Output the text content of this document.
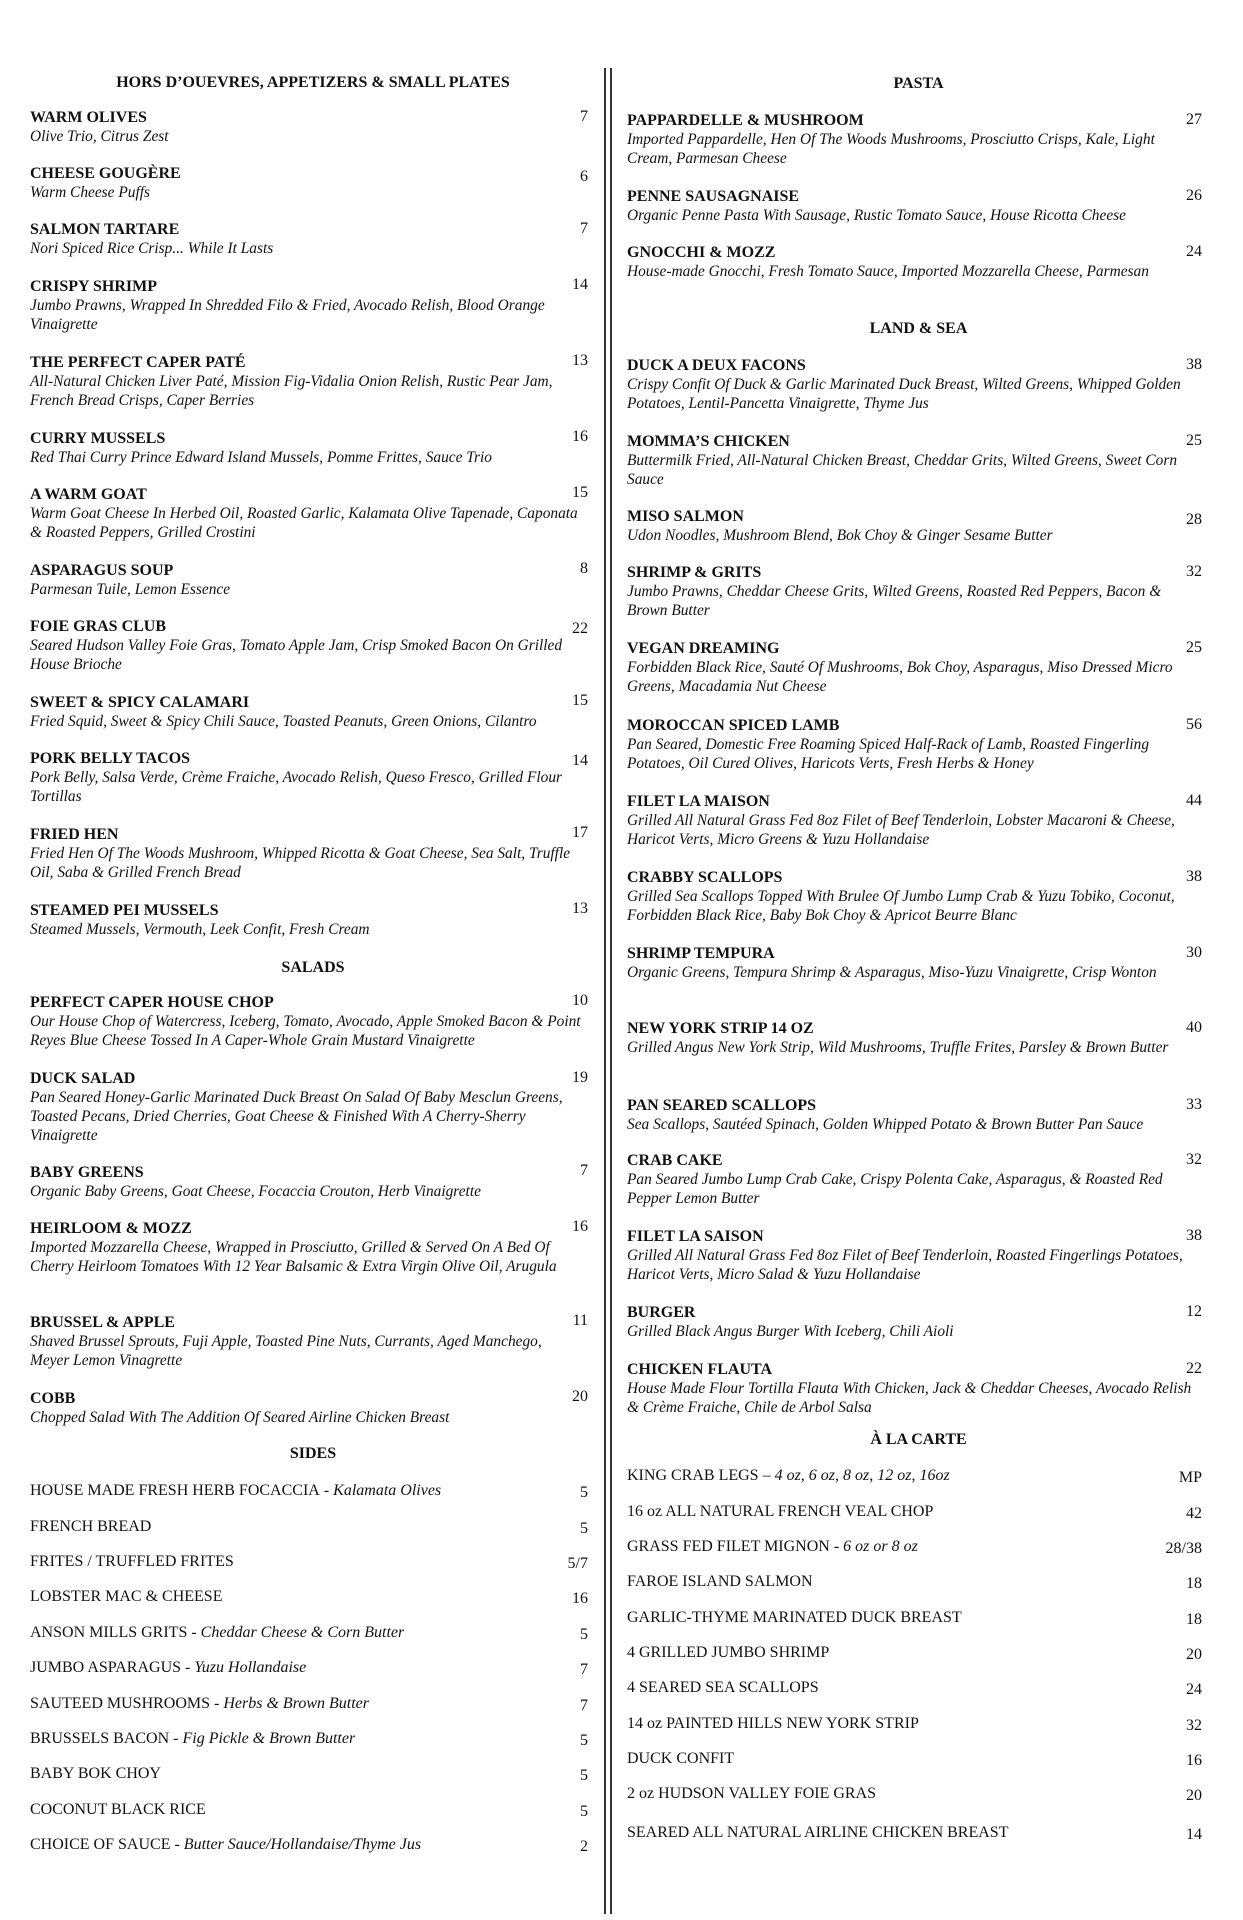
HORS D’OUEVRES, APPETIZERS & SMALL PLATES
WARM OLIVES	7
Olive Trio, Citrus Zest
CHEESE GOUGÈRE	6
Warm Cheese Puffs
SALMON TARTARE	7
Nori Spiced Rice Crisp... While It Lasts
CRISPY SHRIMP	14
Jumbo Prawns, Wrapped In Shredded Filo & Fried, Avocado Relish, Blood Orange Vinaigrette
THE PERFECT CAPER PATÉ	13
All-Natural Chicken Liver Paté, Mission Fig-Vidalia Onion Relish, Rustic Pear Jam, French Bread Crisps, Caper Berries
CURRY MUSSELS	16
Red Thai Curry Prince Edward Island Mussels, Pomme Frittes, Sauce Trio
A WARM GOAT	15
Warm Goat Cheese In Herbed Oil, Roasted Garlic, Kalamata Olive Tapenade, Caponata & Roasted Peppers, Grilled Crostini
ASPARAGUS SOUP	8
Parmesan Tuile, Lemon Essence
FOIE GRAS CLUB	22
Seared Hudson Valley Foie Gras, Tomato Apple Jam, Crisp Smoked Bacon On Grilled House Brioche
SWEET & SPICY CALAMARI	15
Fried Squid, Sweet & Spicy Chili Sauce, Toasted Peanuts, Green Onions, Cilantro
PORK BELLY TACOS	14
Pork Belly, Salsa Verde, Crème Fraiche, Avocado Relish, Queso Fresco, Grilled Flour Tortillas
FRIED HEN	17
Fried Hen Of The Woods Mushroom, Whipped Ricotta & Goat Cheese, Sea Salt, Truffle Oil, Saba & Grilled French Bread
STEAMED PEI MUSSELS	13
Steamed Mussels, Vermouth, Leek Confit, Fresh Cream
SALADS
PERFECT CAPER HOUSE CHOP	10
Our House Chop of Watercress, Iceberg, Tomato, Avocado, Apple Smoked Bacon & Point Reyes Blue Cheese Tossed In A Caper-Whole Grain Mustard Vinaigrette
DUCK SALAD	19
Pan Seared Honey-Garlic Marinated Duck Breast On Salad Of Baby Mesclun Greens, Toasted Pecans, Dried Cherries, Goat Cheese & Finished With A Cherry-Sherry Vinaigrette
BABY GREENS	7
Organic Baby Greens, Goat Cheese, Focaccia Crouton, Herb Vinaigrette
HEIRLOOM & MOZZ	16
Imported Mozzarella Cheese, Wrapped in Prosciutto, Grilled & Served On A Bed Of Cherry Heirloom Tomatoes With 12 Year Balsamic & Extra Virgin Olive Oil, Arugula
BRUSSEL & APPLE	11
Shaved Brussel Sprouts, Fuji Apple, Toasted Pine Nuts, Currants, Aged Manchego, Meyer Lemon Vinagrette
COBB	20
Chopped Salad With The Addition Of Seared Airline Chicken Breast
SIDES
HOUSE MADE FRESH HERB FOCACCIA - Kalamata Olives	5
FRENCH BREAD	5
FRITES / TRUFFLED FRITES	5/7
LOBSTER MAC & CHEESE	16
ANSON MILLS GRITS - Cheddar Cheese & Corn Butter	5
JUMBO ASPARAGUS - Yuzu Hollandaise	7
SAUTEED MUSHROOMS - Herbs & Brown Butter	7
BRUSSELS BACON - Fig Pickle & Brown Butter	5
BABY BOK CHOY	5
COCONUT BLACK RICE	5
CHOICE OF SAUCE - Butter Sauce/Hollandaise/Thyme Jus	2
PASTA
PAPPARDELLE & MUSHROOM	27
Imported Pappardelle, Hen Of The Woods Mushrooms, Prosciutto Crisps, Kale, Light Cream, Parmesan Cheese
PENNE SAUSAGNAISE	26
Organic Penne Pasta With Sausage, Rustic Tomato Sauce, House Ricotta Cheese
GNOCCHI & MOZZ	24
House-made Gnocchi, Fresh Tomato Sauce, Imported Mozzarella Cheese, Parmesan
LAND & SEA
DUCK A DEUX FACONS	38
Crispy Confit Of Duck & Garlic Marinated Duck Breast, Wilted Greens, Whipped Golden Potatoes, Lentil-Pancetta Vinaigrette, Thyme Jus
MOMMA’S CHICKEN	25
Buttermilk Fried, All-Natural Chicken Breast, Cheddar Grits, Wilted Greens, Sweet Corn Sauce
MISO SALMON	28
Udon Noodles, Mushroom Blend, Bok Choy & Ginger Sesame Butter
SHRIMP & GRITS	32
Jumbo Prawns, Cheddar Cheese Grits, Wilted Greens, Roasted Red Peppers, Bacon & Brown Butter
VEGAN DREAMING	25
Forbidden Black Rice, Sauté Of Mushrooms, Bok Choy, Asparagus, Miso Dressed Micro Greens, Macadamia Nut Cheese
MOROCCAN SPICED LAMB	56
Pan Seared, Domestic Free Roaming Spiced Half-Rack of Lamb, Roasted Fingerling Potatoes, Oil Cured Olives, Haricots Verts, Fresh Herbs & Honey
FILET LA MAISON	44
Grilled All Natural Grass Fed 8oz Filet of Beef Tenderloin, Lobster Macaroni & Cheese, Haricot Verts, Micro Greens & Yuzu Hollandaise
CRABBY SCALLOPS	38
Grilled Sea Scallops Topped With Brulee Of Jumbo Lump Crab & Yuzu Tobiko, Coconut, Forbidden Black Rice, Baby Bok Choy & Apricot Beurre Blanc
SHRIMP TEMPURA	30
Organic Greens, Tempura Shrimp & Asparagus, Miso-Yuzu Vinaigrette, Crisp Wonton
NEW YORK STRIP 14 OZ	40
Grilled Angus New York Strip, Wild Mushrooms, Truffle Frites, Parsley & Brown Butter
PAN SEARED SCALLOPS	33
Sea Scallops, Sautéed Spinach, Golden Whipped Potato & Brown Butter Pan Sauce
CRAB CAKE	32
Pan Seared Jumbo Lump Crab Cake, Crispy Polenta Cake, Asparagus, & Roasted Red Pepper Lemon Butter
FILET LA SAISON	38
Grilled All Natural Grass Fed 8oz Filet of Beef Tenderloin, Roasted Fingerlings Potatoes, Haricot Verts, Micro Salad & Yuzu Hollandaise
BURGER	12
Grilled Black Angus Burger With Iceberg, Chili Aioli
CHICKEN FLAUTA	22
House Made Flour Tortilla Flauta With Chicken, Jack & Cheddar Cheeses, Avocado Relish & Crème Fraiche, Chile de Arbol Salsa
À LA CARTE
KING CRAB LEGS – 4 oz, 6 oz, 8 oz, 12 oz, 16oz	MP
16 oz ALL NATURAL FRENCH VEAL CHOP	42
GRASS FED FILET MIGNON - 6 oz or 8 oz	28/38
FAROE ISLAND SALMON	18
GARLIC-THYME MARINATED DUCK BREAST	18
4 GRILLED JUMBO SHRIMP	20
4 SEARED SEA SCALLOPS	24
14 oz PAINTED HILLS NEW YORK STRIP	32
DUCK CONFIT	16
2 oz HUDSON VALLEY FOIE GRAS	20
SEARED ALL NATURAL AIRLINE CHICKEN BREAST	14
